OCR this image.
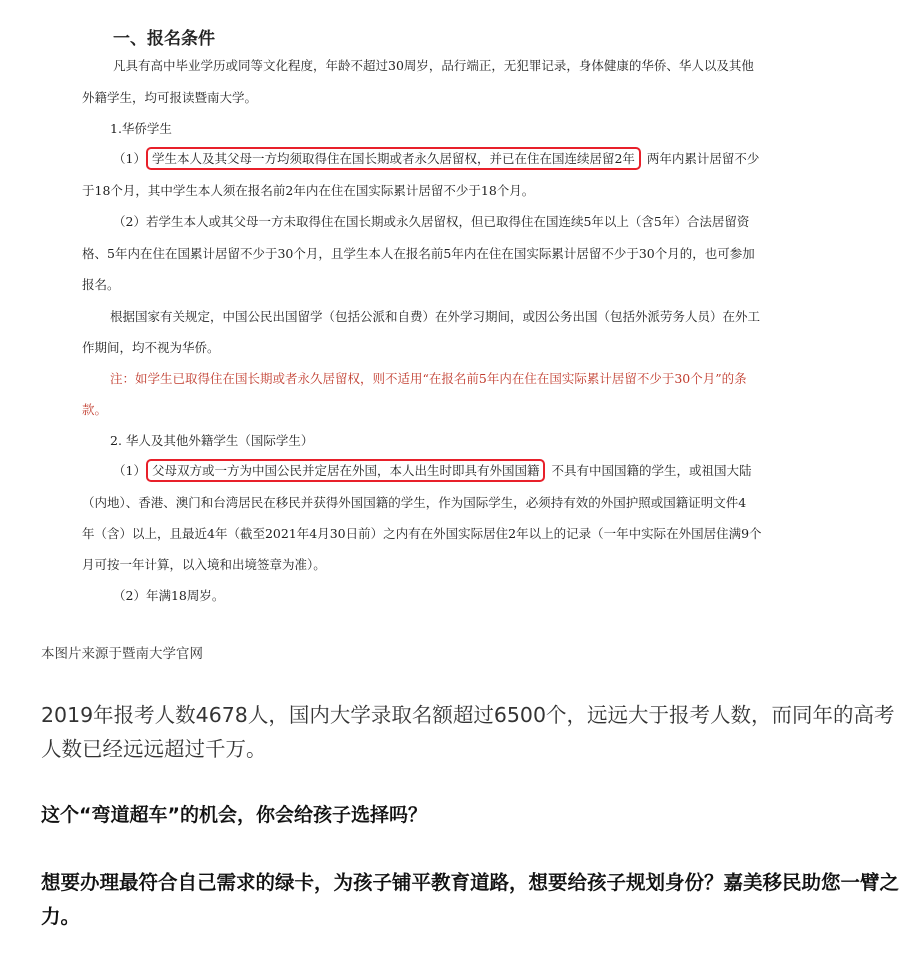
一、报名条件
凡具有高中毕业学历或同等文化程度，年龄不超过30周岁，品行端正，无犯罪记录，身体健康的华侨、华人以及其他
外籍学生，均可报读暨南大学。
1.华侨学生
（1） 学生本人及其父母一方均须取得住在国长期或者永久居留权，并已在住在国连续居留2年 两年内累计居留不少
于18个月，其中学生本人须在报名前2年内在住在国实际累计居留不少于18个月。
（2）若学生本人或其父母一方未取得住在国长期或永久居留权，但已取得住在国连续5年以上（含5年）合法居留资
格、5年内在住在国累计居留不少于30个月，且学生本人在报名前5年内在住在国实际累计居留不少于30个月的，也可参加
报名。
根据国家有关规定，中国公民出国留学（包括公派和自费）在外学习期间，或因公务出国（包括外派劳务人员）在外工
作期间，均不视为华侨。
注：如学生已取得住在国长期或者永久居留权，则不适用“在报名前5年内在住在国实际累计居留不少于30个月”的条
款。
2. 华人及其他外籍学生（国际学生）
（1） 父母双方或一方为中国公民并定居在外国，本人出生时即具有外国国籍 不具有中国国籍的学生，或祖国大陆
（内地）、香港、澳门和台湾居民在移民并获得外国国籍的学生，作为国际学生，必须持有效的外国护照或国籍证明文件4
年（含）以上，且最近4年（截至2021年4月30日前）之内有在外国实际居住2年以上的记录（一年中实际在外国居住满9个
月可按一年计算，以入境和出境签章为准）。
（2）年满18周岁。
本图片来源于暨南大学官网
2019年报考人数4678人，国内大学录取名额超过6500个，远远大于报考人数，而同年的高考人数已经远远超过千万。
这个“弯道超车”的机会，你会给孩子选择吗？
想要办理最符合自己需求的绿卡，为孩子铺平教育道路，想要给孩子规划身份？嘉美移民助您一臂之力。
